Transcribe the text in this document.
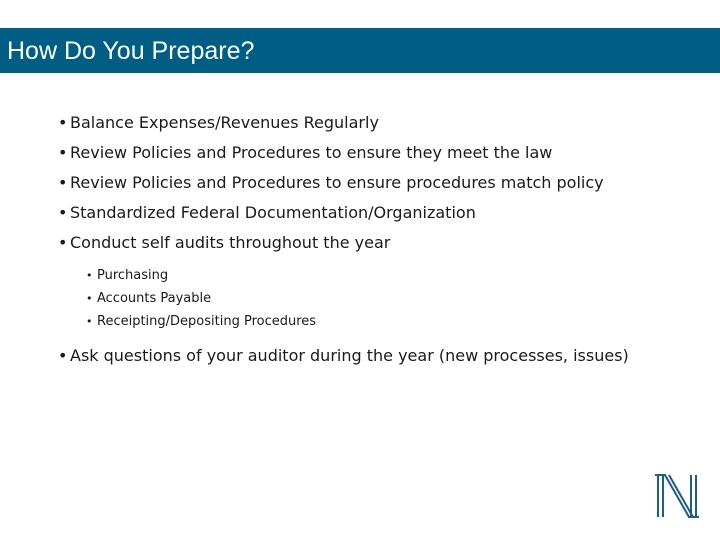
How Do You Prepare?
• Balance Expenses/Revenues Regularly
• Review Policies and Procedures to ensure they meet the law
• Review Policies and Procedures to ensure procedures match policy
• Standardized Federal Documentation/Organization
• Conduct self audits throughout the year
• Purchasing
• Accounts Payable
• Receipting/Depositing Procedures
• Ask questions of your auditor during the year (new processes, issues)
